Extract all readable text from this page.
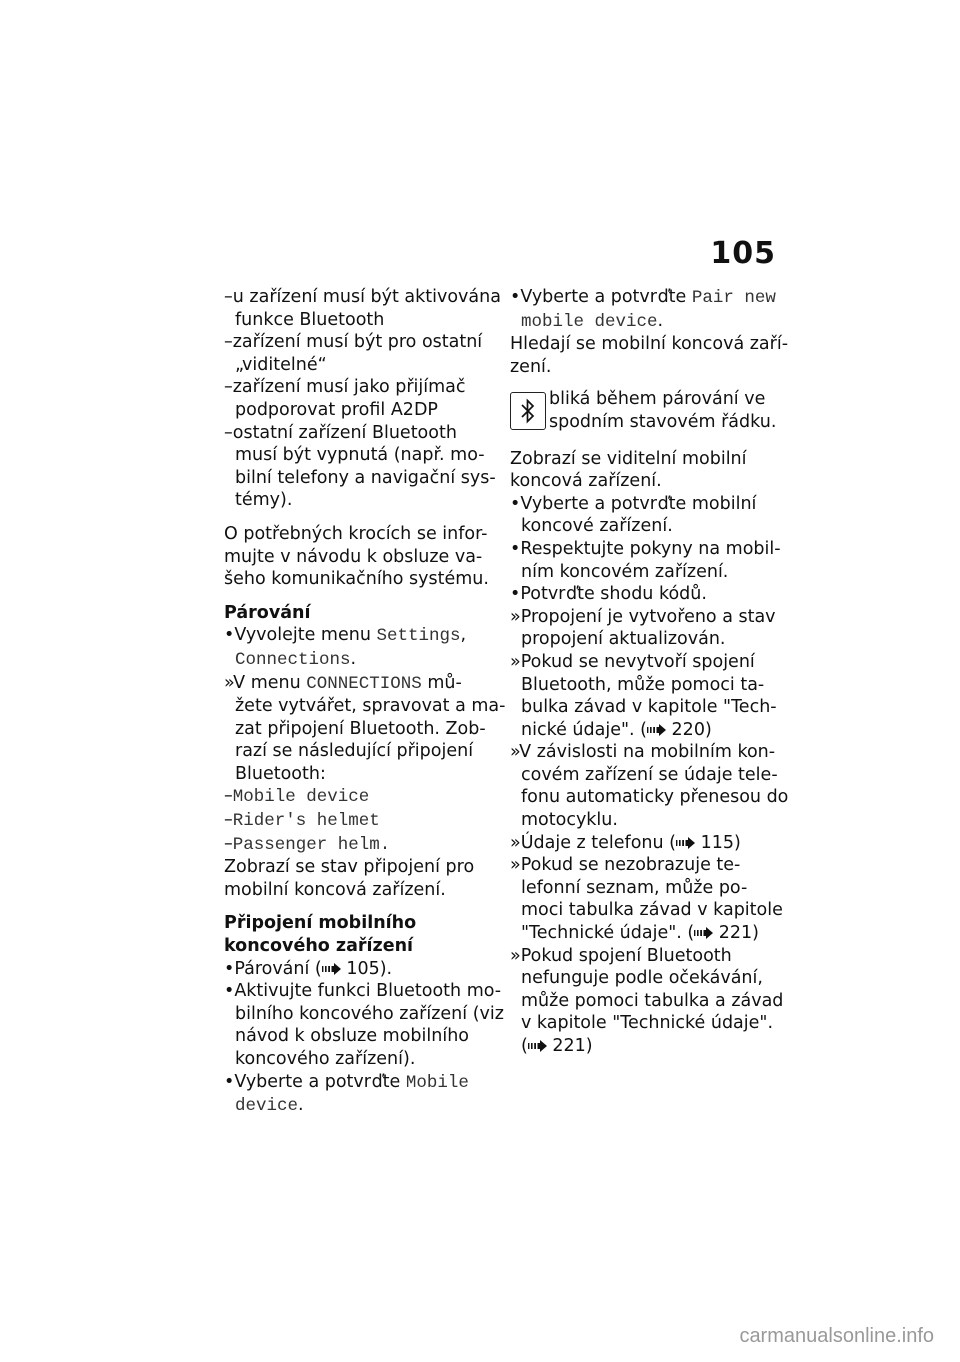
105
–u zařízení musí být aktivována
funkce Bluetooth
–zařízení musí být pro ostatní
„viditelné“
–zařízení musí jako přijímač
podporovat profil A2DP
–ostatní zařízení Bluetooth
musí být vypnutá (např. mo-
bilní telefony a navigační sys-
témy).
O potřebných krocích se infor-
mujte v návodu k obsluze va-
šeho komunikačního systému.
Párování
•Vyvolejte menu Settings,
Connections.
»V menu CONNECTIONS mů-
žete vytvářet, spravovat a ma-
zat připojení Bluetooth. Zob-
razí se následující připojení
Bluetooth:
–Mobile device
–Rider's helmet
–Passenger helm.
Zobrazí se stav připojení pro
mobilní koncová zařízení.
Připojení mobilního
koncového zařízení
•Párování ( 105).
•Aktivujte funkci Bluetooth mo-
bilního koncového zařízení (viz
návod k obsluze mobilního
koncového zařízení).
•Vyberte a potvrďte Mobile
device.
•Vyberte a potvrďte Pair new
mobile device.
Hledají se mobilní koncová zaří-
zení.
bliká během párování ve
spodním stavovém řádku.
Zobrazí se viditelní mobilní
koncová zařízení.
•Vyberte a potvrďte mobilní
koncové zařízení.
•Respektujte pokyny na mobil-
ním koncovém zařízení.
•Potvrďte shodu kódů.
»Propojení je vytvořeno a stav
propojení aktualizován.
»Pokud se nevytvoří spojení
Bluetooth, může pomoci ta-
bulka závad v kapitole "Tech-
nické údaje". ( 220)
»V závislosti na mobilním kon-
covém zařízení se údaje tele-
fonu automaticky přenesou do
motocyklu.
»Údaje z telefonu ( 115)
»Pokud se nezobrazuje te-
lefonní seznam, může po-
moci tabulka závad v kapitole
"Technické údaje". ( 221)
»Pokud spojení Bluetooth
nefunguje podle očekávání,
může pomoci tabulka a závad
v kapitole "Technické údaje".
( 221)
carmanualsonline.info
